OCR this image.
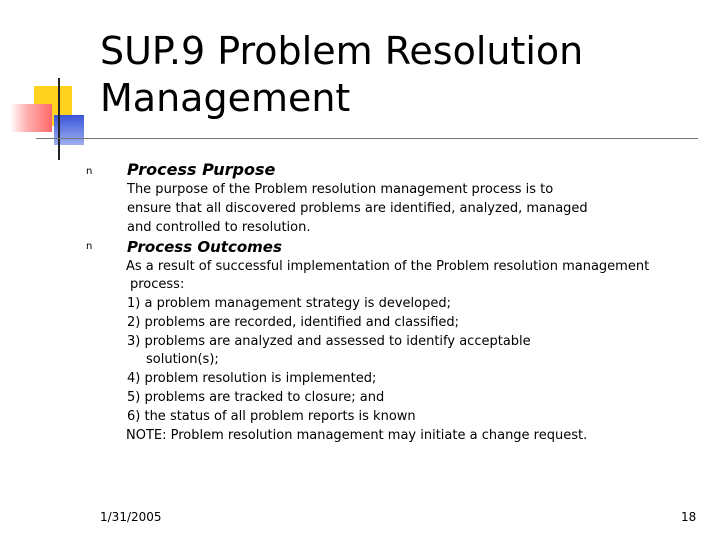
SUP.9 Problem Resolution
Management
n
n
Process Purpose
The purpose of the Problem resolution management process is to
ensure that all discovered problems are identified, analyzed, managed
and controlled to resolution.
Process Outcomes
As a result of successful implementation of the Problem resolution management
process:
1) a problem management strategy is developed;
2) problems are recorded, identified and classified;
3) problems are analyzed and assessed to identify acceptable
solution(s);
4) problem resolution is implemented;
5) problems are tracked to closure; and
6) the status of all problem reports is known
NOTE: Problem resolution management may initiate a change request.
1/31/2005	18
